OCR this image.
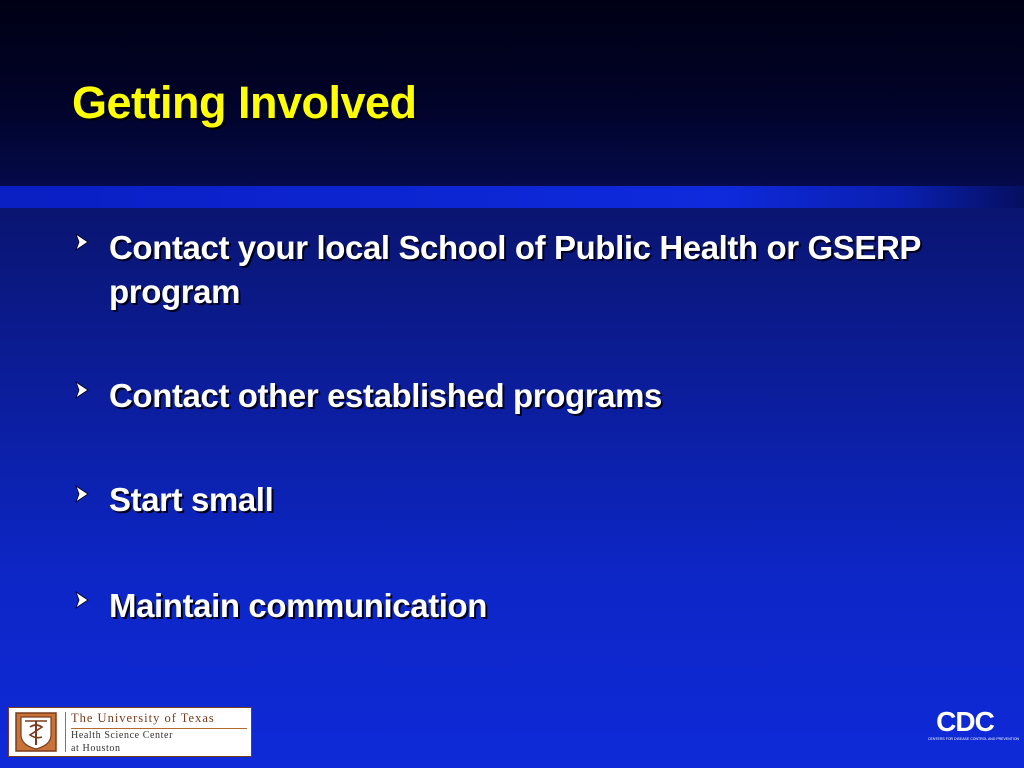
Getting Involved
Contact your local School of Public Health or GSERP program
Contact other established programs
Start small
Maintain communication
The University of Texas
Health Science Center
at Houston
CDC
CENTERS FOR DISEASE CONTROL AND PREVENTION
